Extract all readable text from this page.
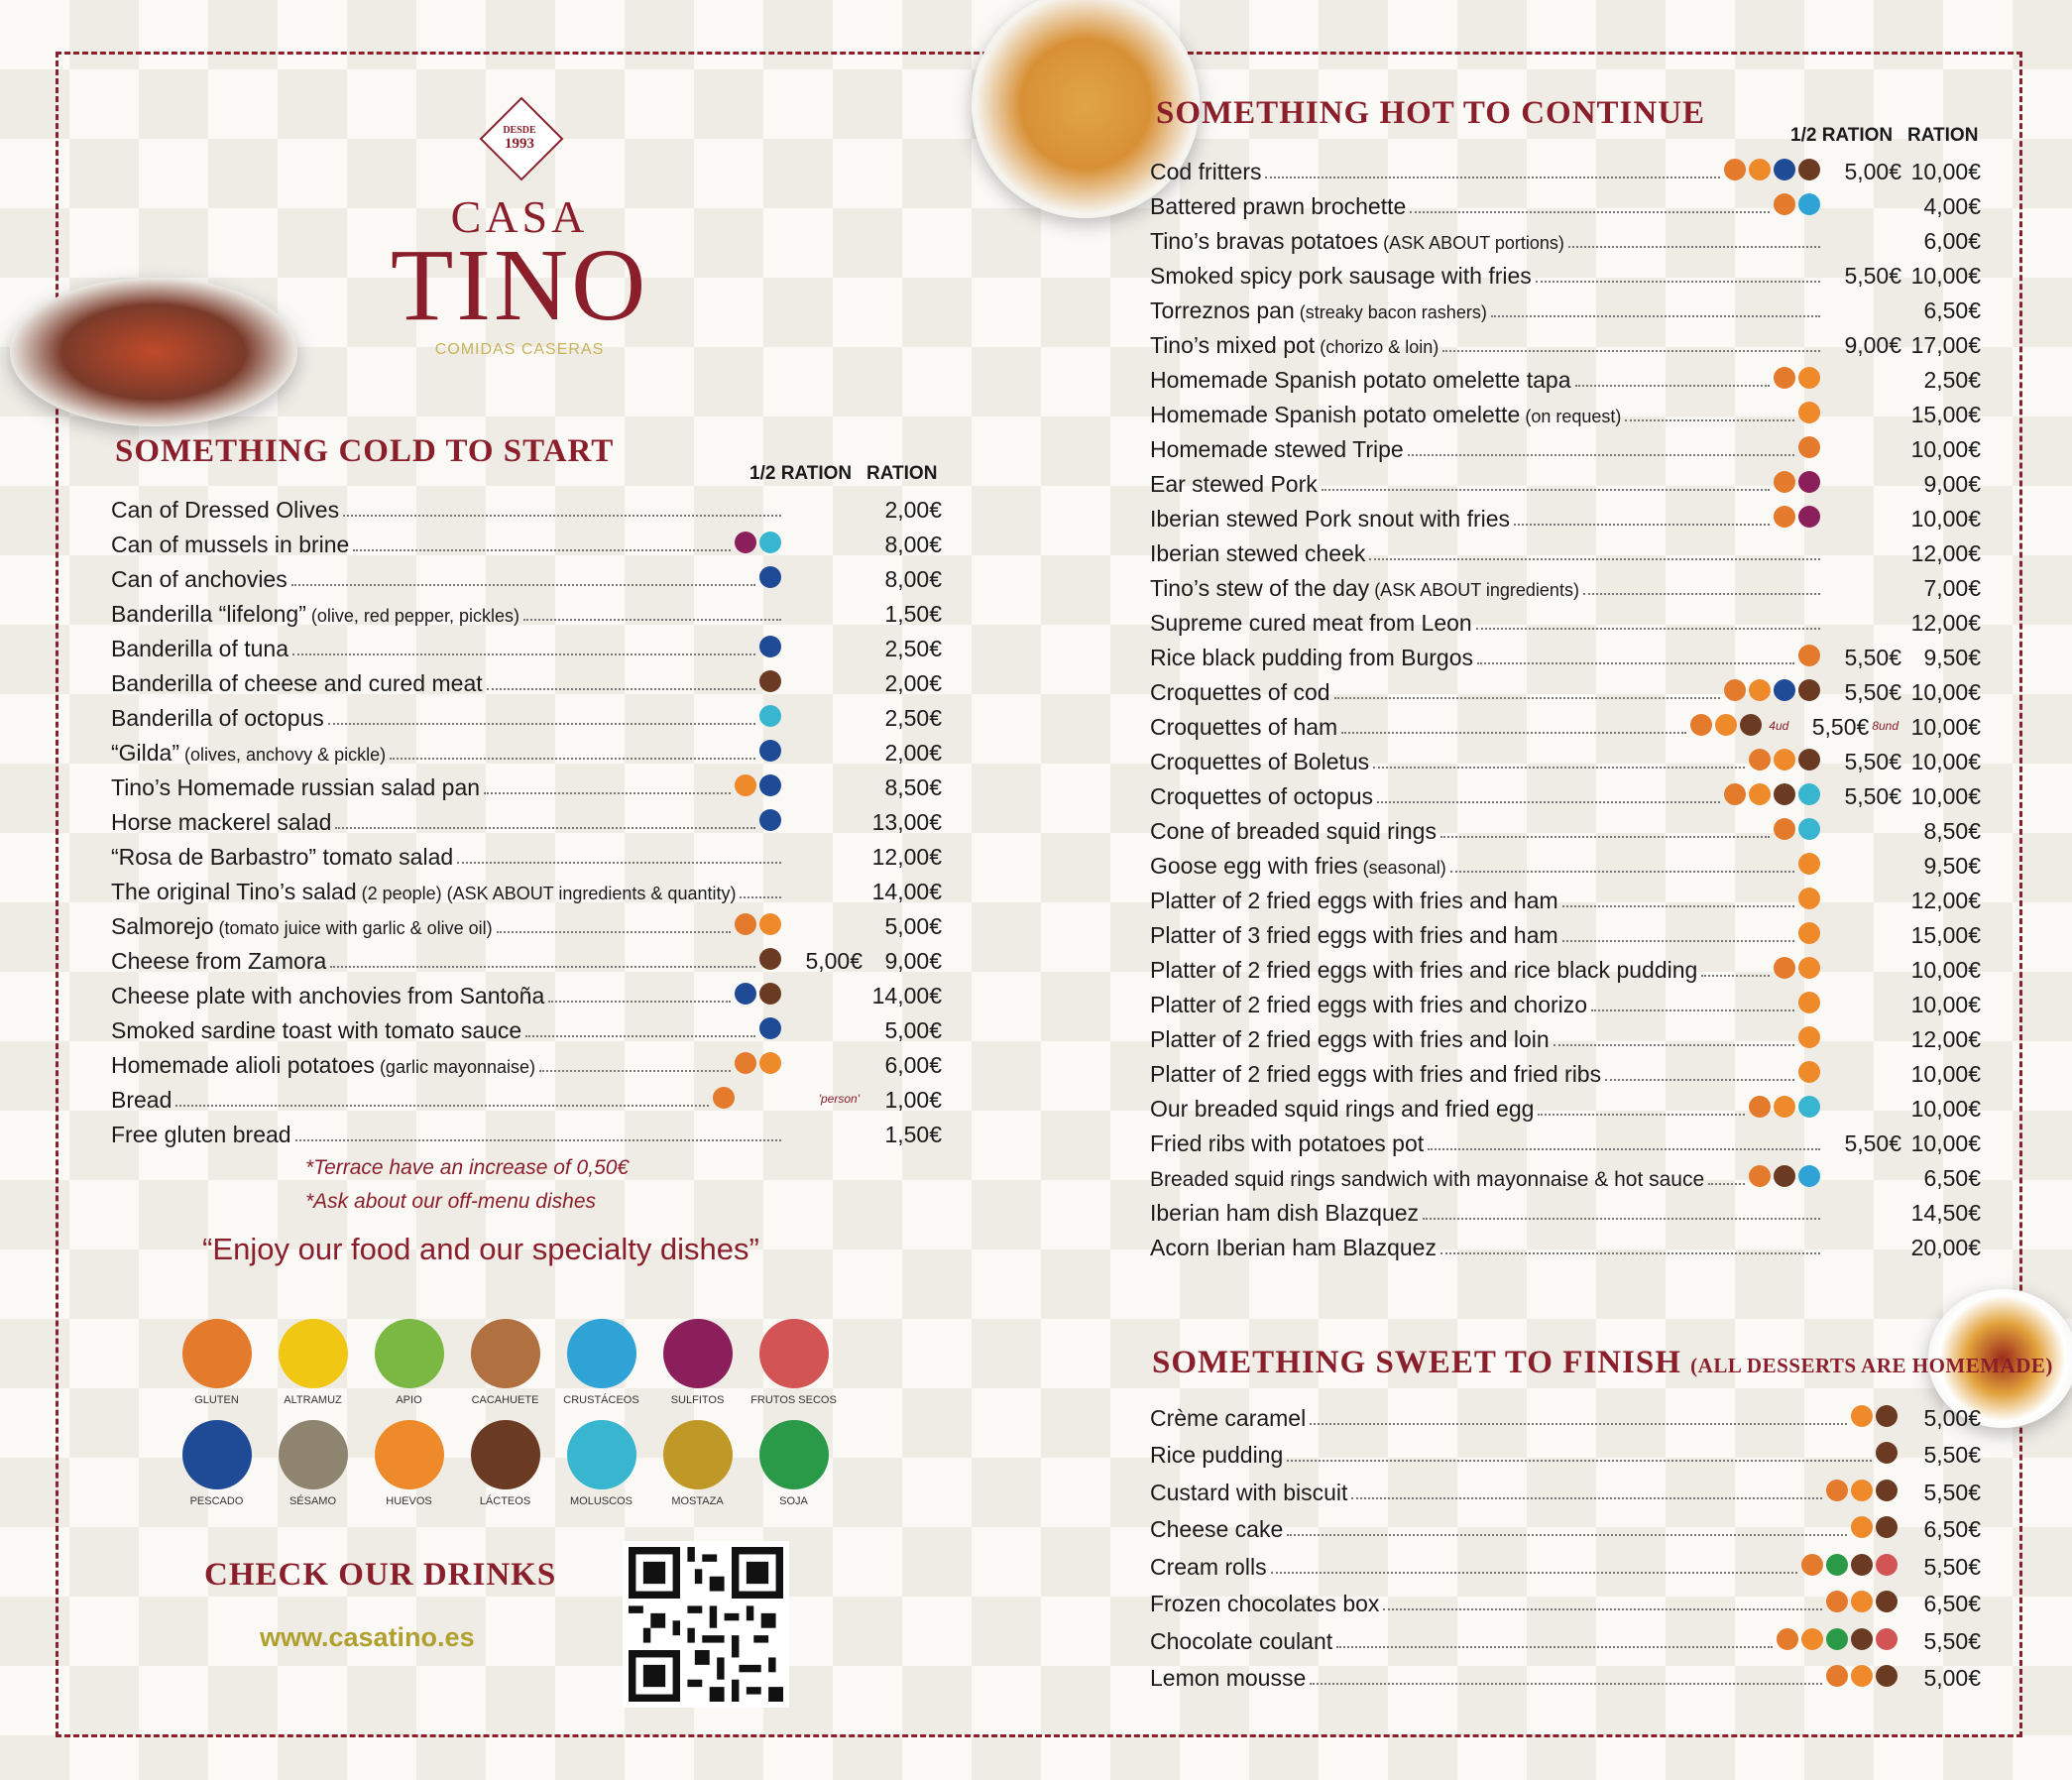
DESDE
1993
CASA
TINO
COMIDAS CASERAS
SOMETHING COLD TO START
1/2 RATION RATION
Can of Dressed Olives	2,00€
Can of mussels in brine	8,00€
Can of anchovies	8,00€
Banderilla “lifelong” (olive, red pepper, pickles)	1,50€
Banderilla of tuna	2,50€
Banderilla of cheese and cured meat	2,00€
Banderilla of octopus	2,50€
“Gilda” (olives, anchovy & pickle)	2,00€
Tino’s Homemade russian salad pan	8,50€
Horse mackerel salad	13,00€
“Rosa de Barbastro” tomato salad	12,00€
The original Tino’s salad (2 people) (ASK ABOUT ingredients & quantity)	14,00€
Salmorejo (tomato juice with garlic & olive oil)	5,00€
Cheese from Zamora	5,00€ 9,00€
Cheese plate with anchovies from Santoña	14,00€
Smoked sardine toast with tomato sauce	5,00€
Homemade alioli potatoes (garlic mayonnaise)	6,00€
Bread	'person'	1,00€
Free gluten bread	1,50€
*Terrace have an increase of 0,50€
*Ask about our off-menu dishes
“Enjoy our food and our specialty dishes”
GLUTEN	ALTRAMUZ	APIO	CACAHUETE CRUSTÁCEOS	SULFITOS FRUTOS SECOS
PESCADO	SÉSAMO	HUEVOS	LÁCTEOS	MOLUSCOS	MOSTAZA	SOJA
CHECK OUR DRINKS
www.casatino.es
SOMETHING HOT TO CONTINUE
1/2 RATION RATION
Cod fritters	5,00€ 10,00€
Battered prawn brochette	4,00€
Tino’s bravas potatoes (ASK ABOUT portions)	6,00€
Smoked spicy pork sausage with fries	5,50€ 10,00€
Torreznos pan (streaky bacon rashers)	6,50€
Tino’s mixed pot (chorizo & loin)	9,00€ 17,00€
Homemade Spanish potato omelette tapa	2,50€
Homemade Spanish potato omelette (on request)	15,00€
Homemade stewed Tripe	10,00€
Ear stewed Pork	9,00€
Iberian stewed Pork snout with fries	10,00€
Iberian stewed cheek	12,00€
Tino’s stew of the day (ASK ABOUT ingredients)	7,00€
Supreme cured meat from Leon	12,00€
Rice black pudding from Burgos	5,50€ 9,50€
Croquettes of cod	5,50€ 10,00€
Croquettes of ham	4ud	5,50€ 8und 10,00€
Croquettes of Boletus	5,50€ 10,00€
Croquettes of octopus	5,50€ 10,00€
Cone of breaded squid rings	8,50€
Goose egg with fries (seasonal)	9,50€
Platter of 2 fried eggs with fries and ham	12,00€
Platter of 3 fried eggs with fries and ham	15,00€
Platter of 2 fried eggs with fries and rice black pudding	10,00€
Platter of 2 fried eggs with fries and chorizo	10,00€
Platter of 2 fried eggs with fries and loin	12,00€
Platter of 2 fried eggs with fries and fried ribs	10,00€
Our breaded squid rings and fried egg	10,00€
Fried ribs with potatoes pot	5,50€ 10,00€
Breaded squid rings sandwich with mayonnaise & hot sauce	6,50€
Iberian ham dish Blazquez	14,50€
Acorn Iberian ham Blazquez	20,00€
SOMETHING SWEET TO FINISH (ALL DESSERTS ARE HOMEMADE)
Crème caramel	5,00€
Rice pudding	5,50€
Custard with biscuit	5,50€
Cheese cake	6,50€
Cream rolls	5,50€
Frozen chocolates box	6,50€
Chocolate coulant	5,50€
Lemon mousse	5,00€
